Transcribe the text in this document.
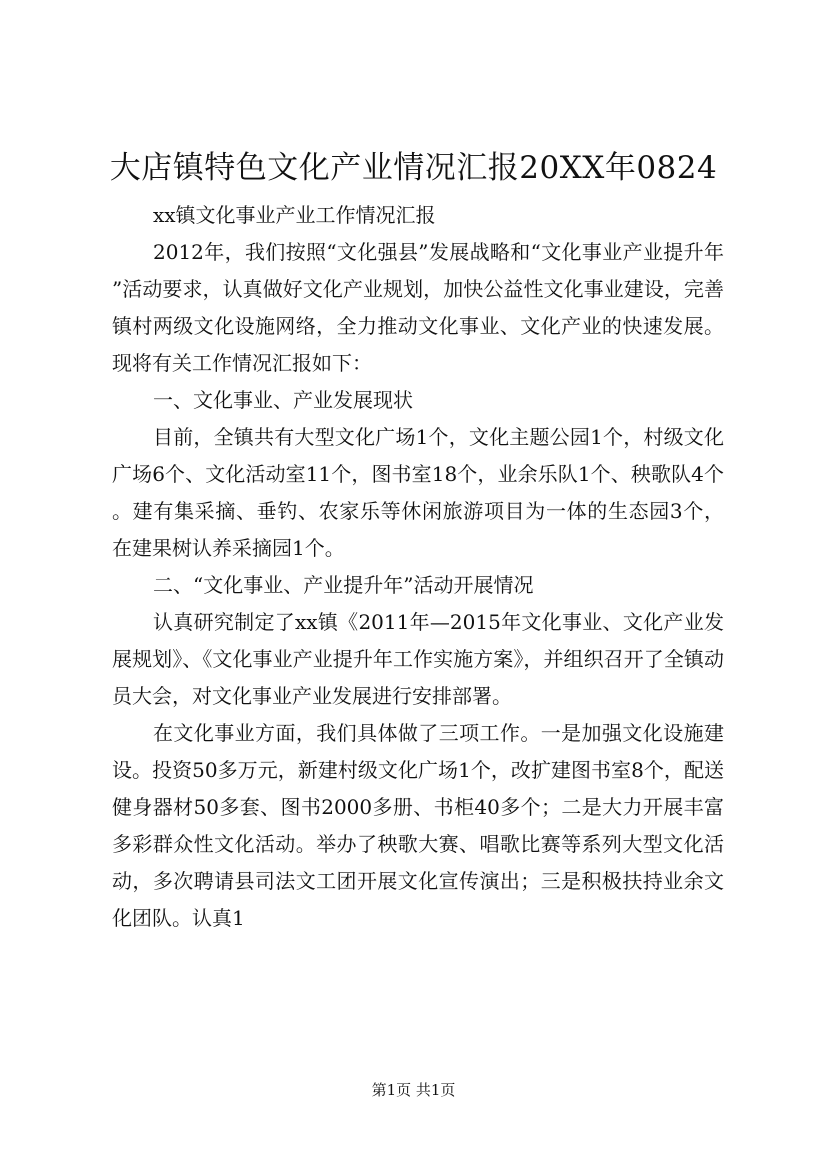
大店镇特色文化产业情况汇报20XX年0824

xx镇文化事业产业工作情况汇报

2012年，我们按照“文化强县”发展战略和“文化事业产业提升年”活动要求，认真做好文化产业规划，加快公益性文化事业建设，完善镇村两级文化设施网络，全力推动文化事业、文化产业的快速发展。现将有关工作情况汇报如下：

一、文化事业、产业发展现状

目前，全镇共有大型文化广场1个，文化主题公园1个，村级文化广场6个、文化活动室11个，图书室18个，业余乐队1个、秧歌队4个。建有集采摘、垂钓、农家乐等休闲旅游项目为一体的生态园3个，在建果树认养采摘园1个。

二、“文化事业、产业提升年”活动开展情况

认真研究制定了xx镇《2011年—2015年文化事业、文化产业发展规划》、《文化事业产业提升年工作实施方案》，并组织召开了全镇动员大会，对文化事业产业发展进行安排部署。

在文化事业方面，我们具体做了三项工作。一是加强文化设施建设。投资50多万元，新建村级文化广场1个，改扩建图书室8个，配送健身器材50多套、图书2000多册、书柜40多个；二是大力开展丰富多彩群众性文化活动。举办了秧歌大赛、唱歌比赛等系列大型文化活动，多次聘请县司法文工团开展文化宣传演出；三是积极扶持业余文化团队。认真1

第1页 共1页
